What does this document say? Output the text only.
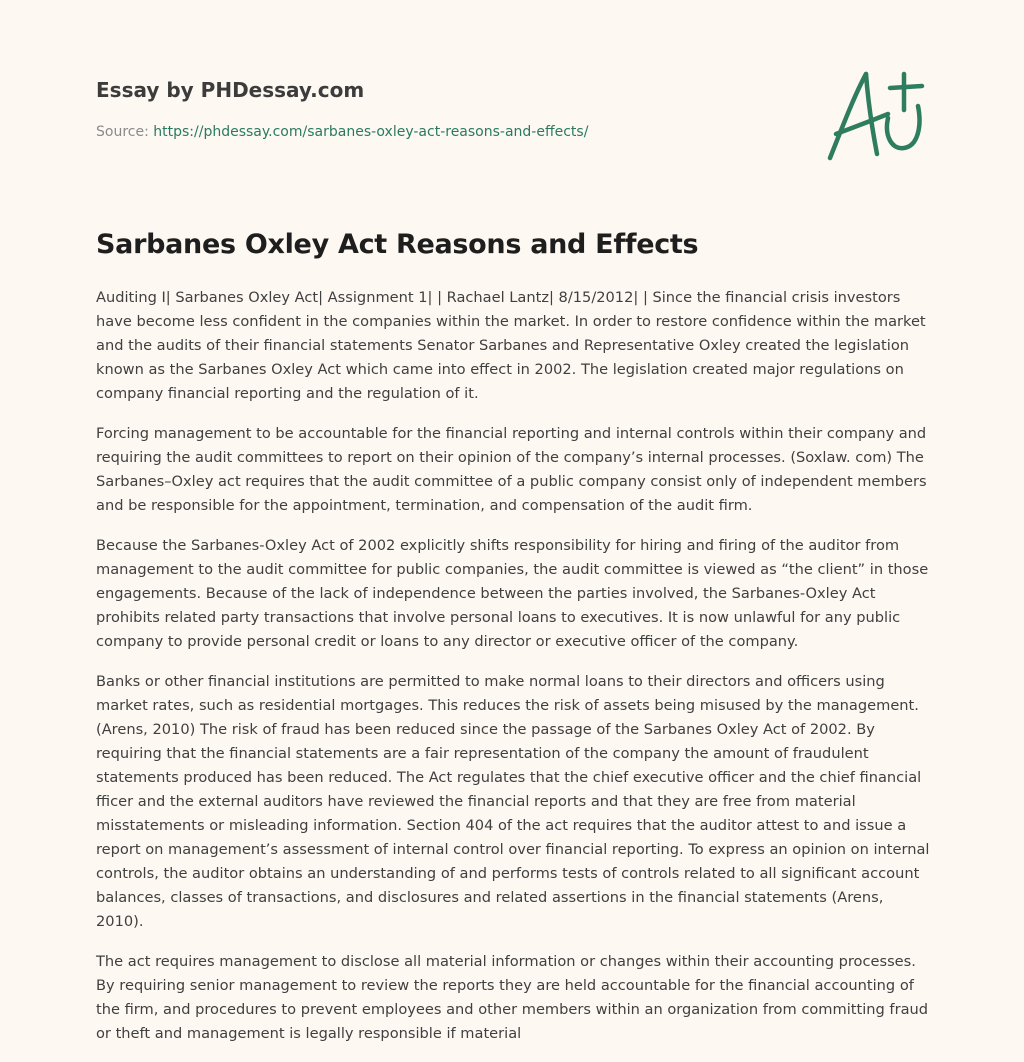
Essay by PHDessay.com
Source: https://phdessay.com/sarbanes-oxley-act-reasons-and-effects/
Sarbanes Oxley Act Reasons and Effects

Auditing I| Sarbanes Oxley Act| Assignment 1| | Rachael Lantz| 8/15/2012| | Since the financial crisis investors have become less confident in the companies within the market. In order to restore confidence within the market and the audits of their financial statements Senator Sarbanes and Representative Oxley created the legislation known as the Sarbanes Oxley Act which came into effect in 2002. The legislation created major regulations on company financial reporting and the regulation of it.

Forcing management to be accountable for the financial reporting and internal controls within their company and requiring the audit committees to report on their opinion of the company’s internal processes. (Soxlaw. com) The Sarbanes–Oxley act requires that the audit committee of a public company consist only of independent members and be responsible for the appointment, termination, and compensation of the audit firm.

Because the Sarbanes-Oxley Act of 2002 explicitly shifts responsibility for hiring and firing of the auditor from management to the audit committee for public companies, the audit committee is viewed as “the client” in those engagements. Because of the lack of independence between the parties involved, the Sarbanes-Oxley Act prohibits related party transactions that involve personal loans to executives. It is now unlawful for any public company to provide personal credit or loans to any director or executive officer of the company.

Banks or other financial institutions are permitted to make normal loans to their directors and officers using market rates, such as residential mortgages. This reduces the risk of assets being misused by the management. (Arens, 2010) The risk of fraud has been reduced since the passage of the Sarbanes Oxley Act of 2002. By requiring that the financial statements are a fair representation of the company the amount of fraudulent statements produced has been reduced. The Act regulates that the chief executive officer and the chief financial fficer and the external auditors have reviewed the financial reports and that they are free from material misstatements or misleading information. Section 404 of the act requires that the auditor attest to and issue a report on management’s assessment of internal control over financial reporting. To express an opinion on internal controls, the auditor obtains an understanding of and performs tests of controls related to all significant account balances, classes of transactions, and disclosures and related assertions in the financial statements (Arens, 2010).

The act requires management to disclose all material information or changes within their accounting processes. By requiring senior management to review the reports they are held accountable for the financial accounting of the firm, and procedures to prevent employees and other members within an organization from committing fraud or theft and management is legally responsible if material
